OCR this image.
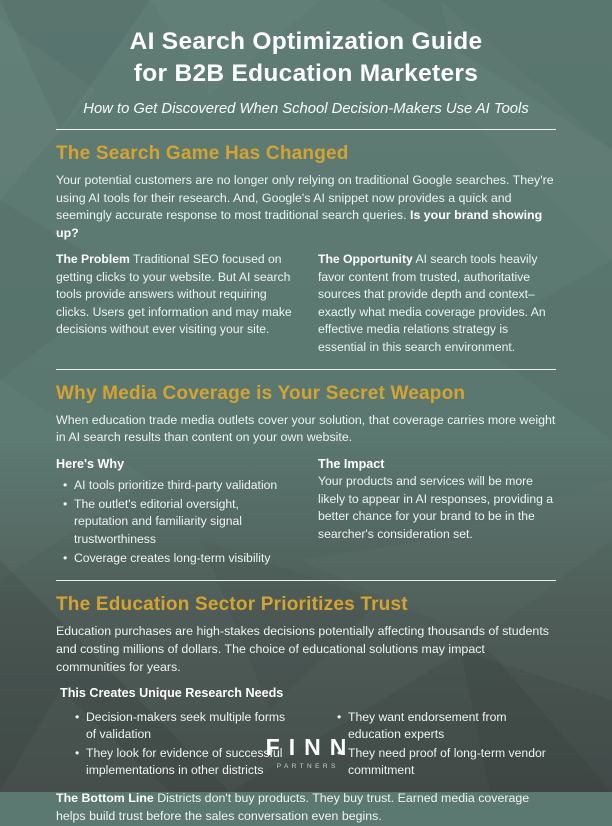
AI Search Optimization Guide
for B2B Education Marketers
How to Get Discovered When School Decision-Makers Use AI Tools
The Search Game Has Changed

Your potential customers are no longer only relying on traditional Google searches. They're using AI tools for their research. And, Google's AI snippet now provides a quick and seemingly accurate response to most traditional search queries. Is your brand showing up?

The Problem Traditional SEO focused on getting clicks to your website. But AI search tools provide answers without requiring clicks. Users get information and may make decisions without ever visiting your site.
The Opportunity AI search tools heavily favor content from trusted, authoritative sources that provide depth and context–exactly what media coverage provides. An effective media relations strategy is essential in this search environment.
Why Media Coverage is Your Secret Weapon

When education trade media outlets cover your solution, that coverage carries more weight in AI search results than content on your own website.

Here's Why

• AI tools prioritize third-party validation
• The outlet's editorial oversight, reputation and familiarity signal trustworthiness
• Coverage creates long-term visibility

The Impact

Your products and services will be more likely to appear in AI responses, providing a better chance for your brand to be in the searcher's consideration set.
The Education Sector Prioritizes Trust

Education purchases are high-stakes decisions potentially affecting thousands of students and costing millions of dollars. The choice of educational solutions may impact communities for years.

This Creates Unique Research Needs

• Decision-makers seek multiple forms of validation
• They look for evidence of successful implementations in other districts
• They want endorsement from education experts
• They need proof of long-term vendor commitment

The Bottom Line Districts don't buy products. They buy trust. Earned media coverage helps build trust before the sales conversation even begins.

FINN
PARTNERS
